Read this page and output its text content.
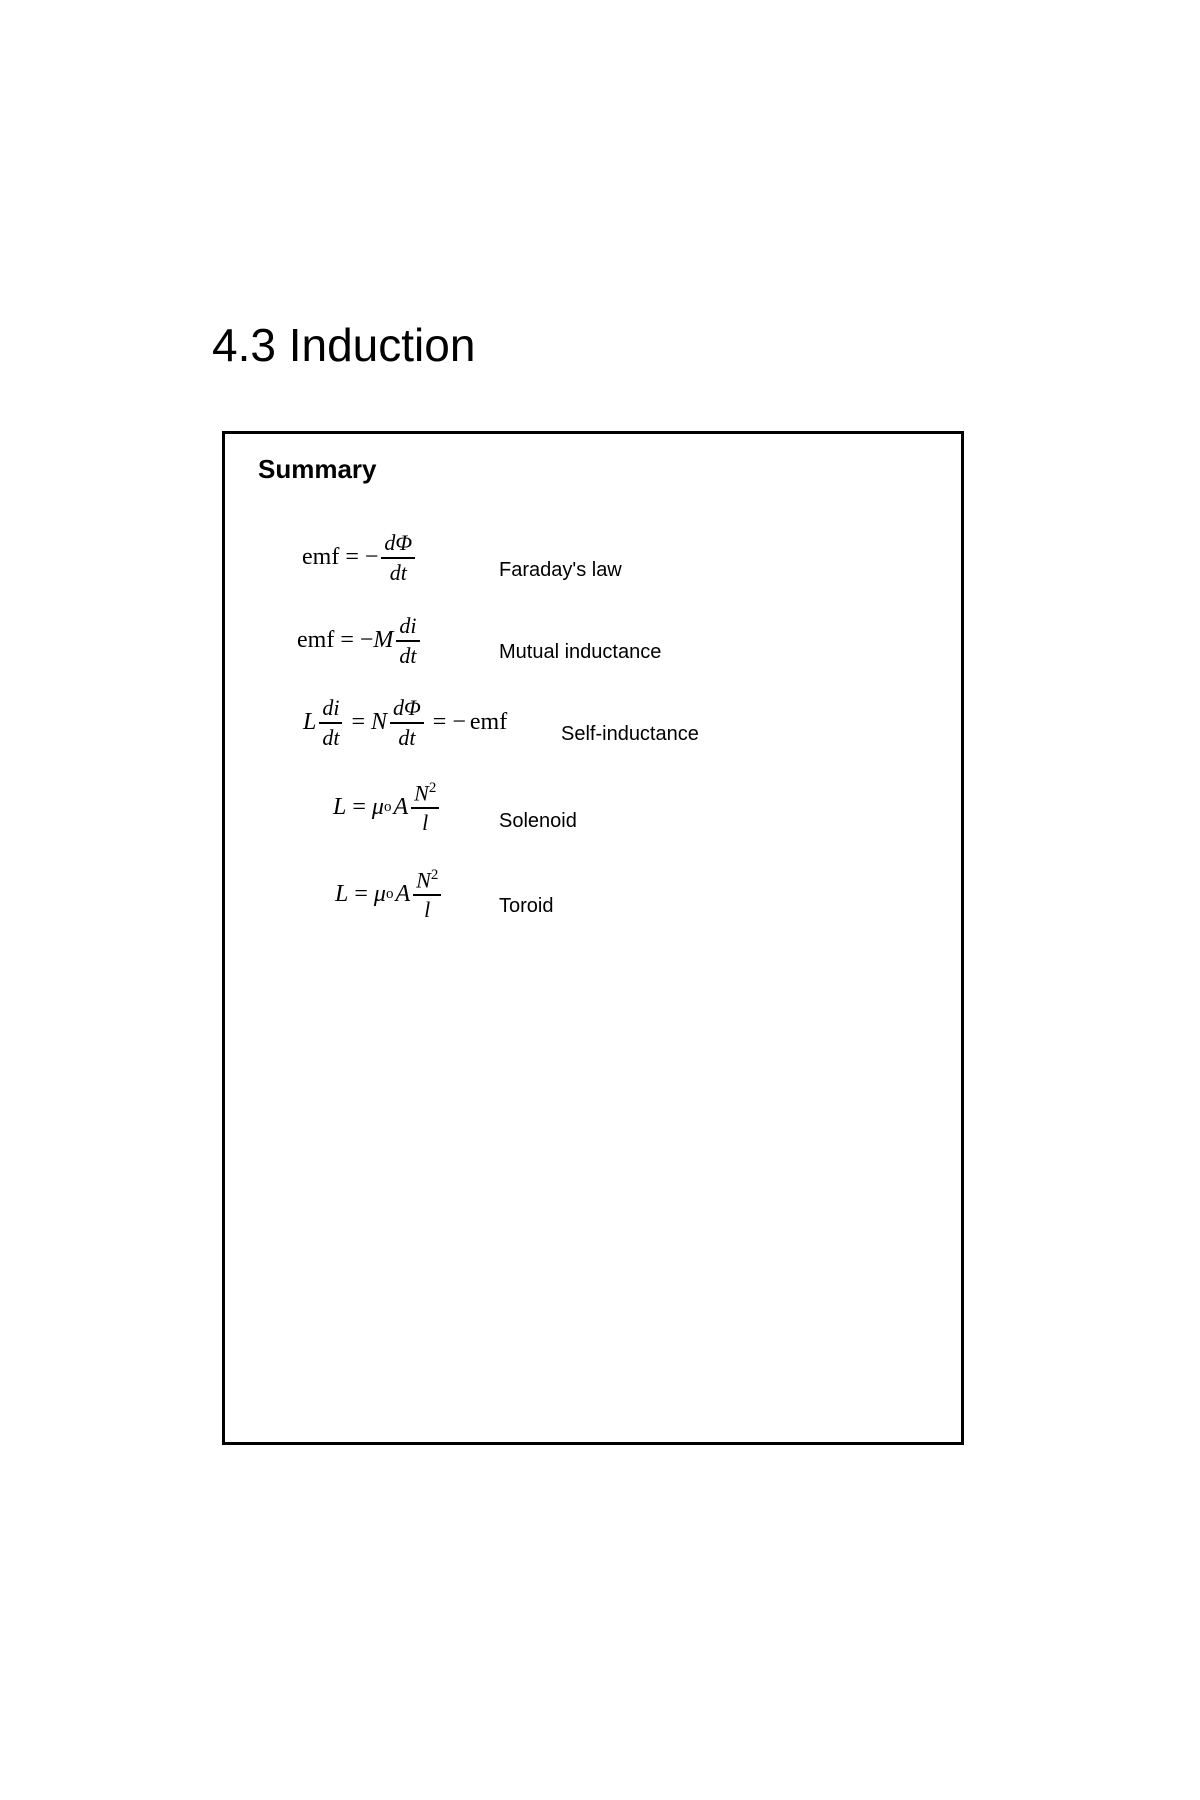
4.3 Induction
Summary
emf = − $\frac{d\Phi}{dt}$	Faraday's law
emf = − M $\frac{di}{dt}$	Mutual inductance
L $\frac{di}{dt} = N \frac{d\Phi}{dt}$ = − emf	Self-inductance
L = μ o A $\frac{N^2}{l}$	Solenoid
L = μ o A $\frac{N^2}{l}$	Toroid
